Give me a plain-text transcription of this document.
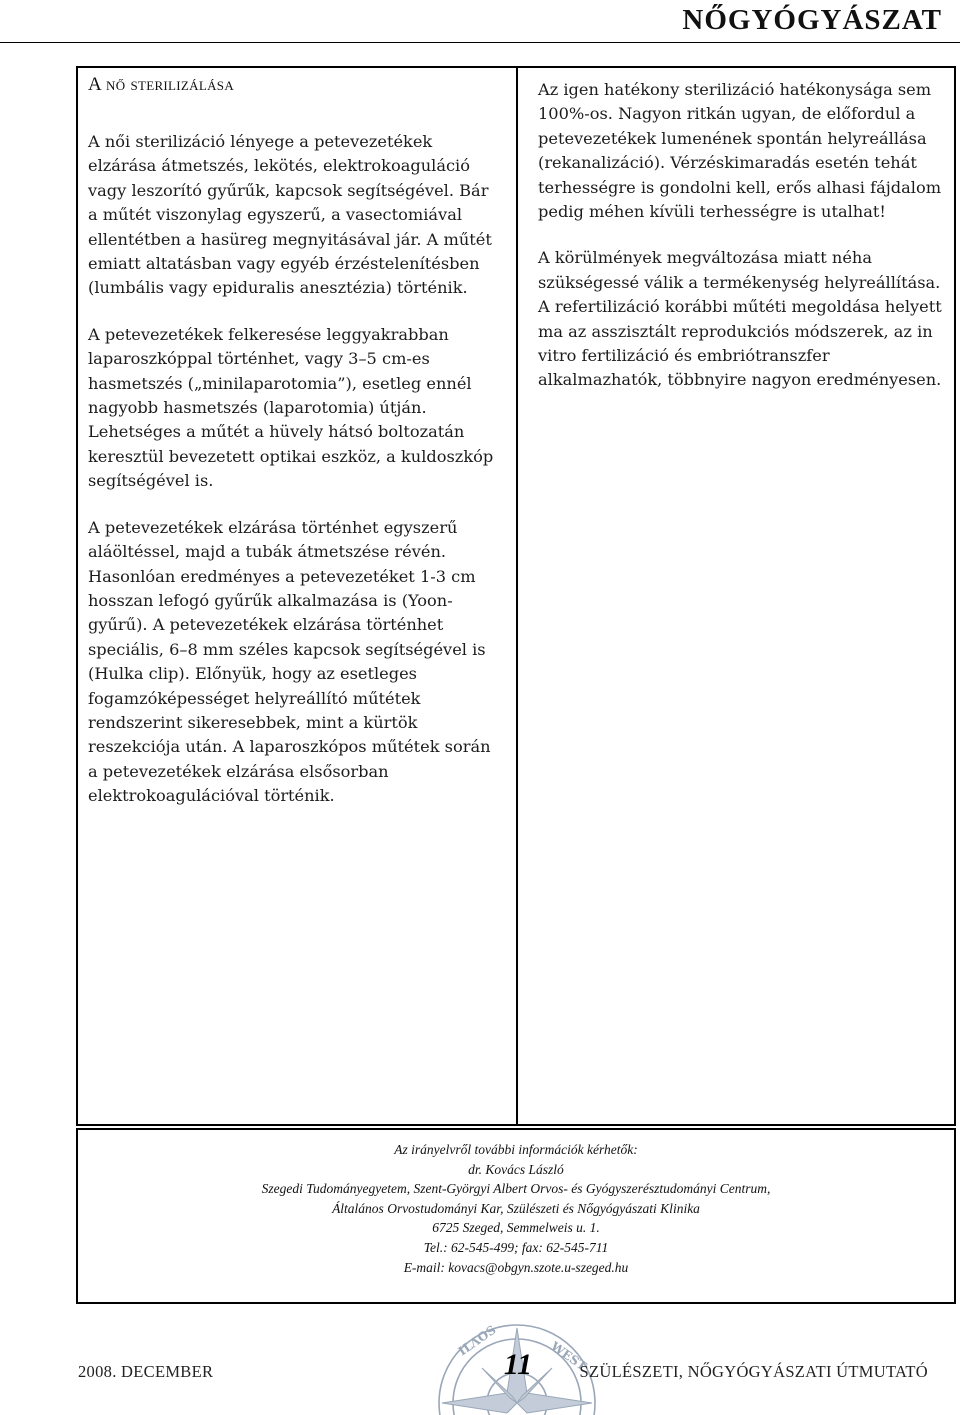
NŐGYÓGYÁSZAT
A nő sterilizálása

A női sterilizáció lényege a petevezetékek elzárása átmetszés, lekötés, elektrokoaguláció vagy leszorító gyűrűk, kapcsok segítségével. Bár a műtét viszonylag egyszerű, a vasectomiával ellentétben a hasüreg megnyitásával jár. A műtét emiatt altatásban vagy egyéb érzéstelenítésben (lumbális vagy epiduralis anesztézia) történik.

A petevezetékek felkeresése leggyakrabban laparoszkóppal történhet, vagy 3–5 cm-es hasmetszés („minilaparotomia”), esetleg ennél nagyobb hasmetszés (laparotomia) útján. Lehetséges a műtét a hüvely hátsó boltozatán keresztül bevezetett optikai eszköz, a kuldoszkóp segítségével is.

A petevezetékek elzárása történhet egyszerű aláöltéssel, majd a tubák átmetszése révén. Hasonlóan eredményes a petevezetéket 1-3 cm hosszan lefogó gyűrűk alkalmazása is (Yoon-gyűrű). A petevezetékek elzárása történhet speciális, 6–8 mm széles kapcsok segítségével is (Hulka clip). Előnyük, hogy az esetleges fogamzóképességet helyreállító műtétek rendszerint sikeresebbek, mint a kürtök reszekciója után. A laparoszkópos műtétek során a petevezetékek elzárása elsősorban elektrokoagulációval történik.

Az igen hatékony sterilizáció hatékonysága sem 100%-os. Nagyon ritkán ugyan, de előfordul a petevezetékek lumenének spontán helyreállása (rekanalizáció). Vérzéskimaradás esetén tehát terhességre is gondolni kell, erős alhasi fájdalom pedig méhen kívüli terhességre is utalhat!

A körülmények megváltozása miatt néha szükségessé válik a termékenység helyreállítása. A refertilizáció korábbi műtéti megoldása helyett ma az asszisztált reprodukciós módszerek, az in vitro fertilizáció és embriótranszfer alkalmazhatók, többnyire nagyon eredményesen.

Az irányelvről további információk kérhetők:
dr. Kovács László
Szegedi Tudományegyetem, Szent-Györgyi Albert Orvos- és Gyógyszerésztudományi Centrum,
Általános Orvostudományi Kar, Szülészeti és Nőgyógyászati Klinika
6725 Szeged, Semmelweis u. 1.
Tel.: 62-545-499; fax: 62-545-711
E-mail: kovacs@obgyn.szote.u-szeged.hu
ILΛOS	WEST
11
2008. DECEMBER	SZÜLÉSZETI, NŐGYÓGYÁSZATI ÚTMUTATÓ
